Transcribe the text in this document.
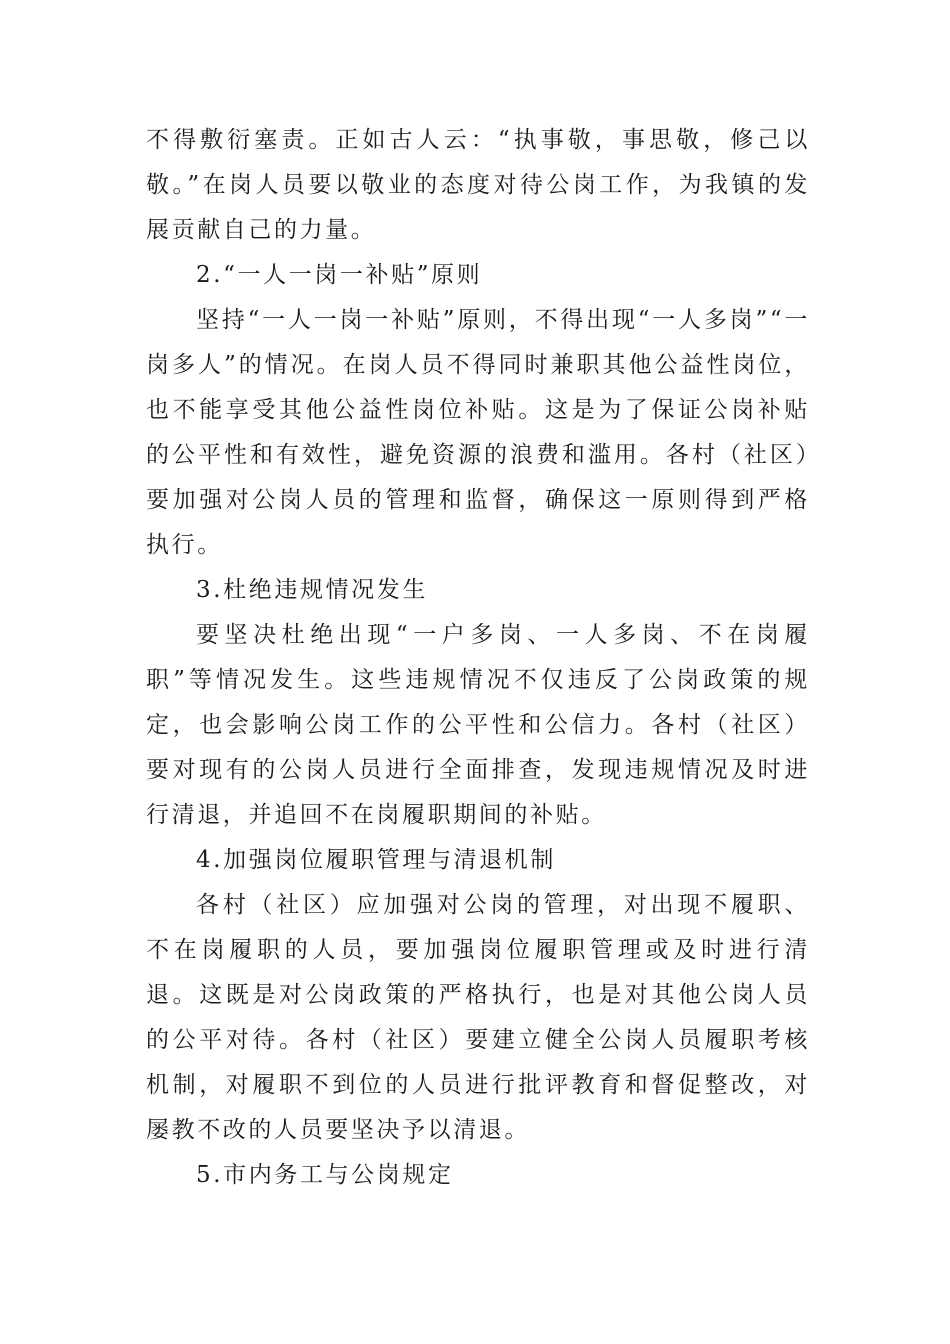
不得敷衍塞责。正如古人云：“执事敬，事思敬，修己以敬。”在岗人员要以敬业的态度对待公岗工作，为我镇的发展贡献自己的力量。

2.“一人一岗一补贴”原则

坚持“一人一岗一补贴”原则，不得出现“一人多岗”“一岗多人”的情况。在岗人员不得同时兼职其他公益性岗位，也不能享受其他公益性岗位补贴。这是为了保证公岗补贴的公平性和有效性，避免资源的浪费和滥用。各村（社区）要加强对公岗人员的管理和监督，确保这一原则得到严格执行。

3.杜绝违规情况发生

要坚决杜绝出现“一户多岗、一人多岗、不在岗履职”等情况发生。这些违规情况不仅违反了公岗政策的规定，也会影响公岗工作的公平性和公信力。各村（社区）要对现有的公岗人员进行全面排查，发现违规情况及时进行清退，并追回不在岗履职期间的补贴。

4.加强岗位履职管理与清退机制

各村（社区）应加强对公岗的管理，对出现不履职、不在岗履职的人员，要加强岗位履职管理或及时进行清退。这既是对公岗政策的严格执行，也是对其他公岗人员的公平对待。各村（社区）要建立健全公岗人员履职考核机制，对履职不到位的人员进行批评教育和督促整改，对屡教不改的人员要坚决予以清退。

5.市内务工与公岗规定
